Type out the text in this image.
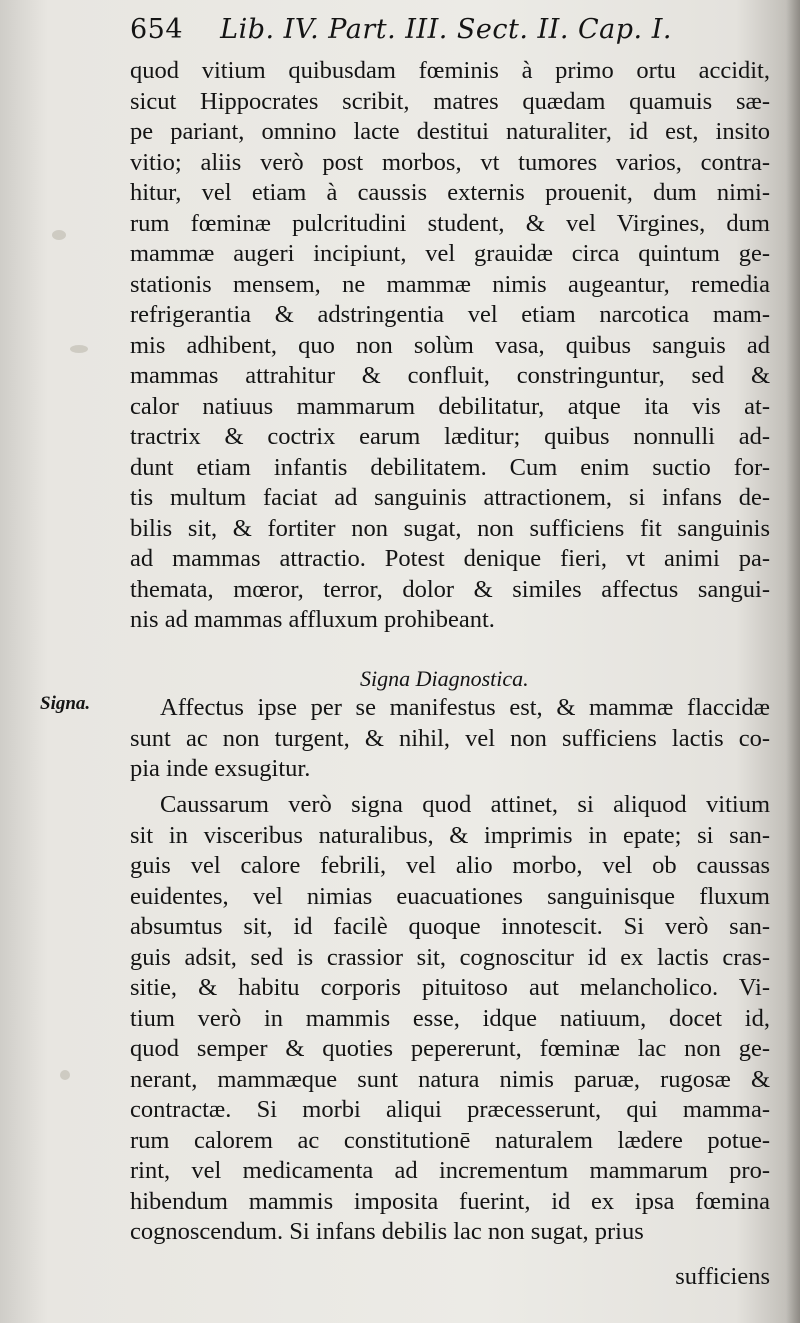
654 Lib. IV. Part. III. Sect. II. Cap. I.
Signa.
quod vitium quibusdam fœminis à primo ortu accidit,
sicut Hippocrates scribit, matres quædam quamuis sæ-
pe pariant, omnino lacte destitui naturaliter, id est, insito
vitio; aliis verò post morbos, vt tumores varios, contra-
hitur, vel etiam à caussis externis prouenit, dum nimi-
rum fœminæ pulcritudini student, & vel Virgines, dum
mammæ augeri incipiunt, vel grauidæ circa quintum ge-
stationis mensem, ne mammæ nimis augeantur, remedia
refrigerantia & adstringentia vel etiam narcotica mam-
mis adhibent, quo non solùm vasa, quibus sanguis ad
mammas attrahitur & confluit, constringuntur, sed &
calor natiuus mammarum debilitatur, atque ita vis at-
tractrix & coctrix earum læditur; quibus nonnulli ad-
dunt etiam infantis debilitatem. Cum enim suctio for-
tis multum faciat ad sanguinis attractionem, si infans de-
bilis sit, & fortiter non sugat, non sufficiens fit sanguinis
ad mammas attractio. Potest denique fieri, vt animi pa-
themata, mœror, terror, dolor & similes affectus sangui-
nis ad mammas affluxum prohibeant.
Signa Diagnostica.
Affectus ipse per se manifestus est, & mammæ flaccidæ
sunt ac non turgent, & nihil, vel non sufficiens lactis co-
pia inde exsugitur.
Caussarum verò signa quod attinet, si aliquod vitium
sit in visceribus naturalibus, & imprimis in epate; si san-
guis vel calore febrili, vel alio morbo, vel ob caussas
euidentes, vel nimias euacuationes sanguinisque fluxum
absumtus sit, id facilè quoque innotescit. Si verò san-
guis adsit, sed is crassior sit, cognoscitur id ex lactis cras-
sitie, & habitu corporis pituitoso aut melancholico. Vi-
tium verò in mammis esse, idque natiuum, docet id,
quod semper & quoties pepererunt, fœminæ lac non ge-
nerant, mammæque sunt natura nimis paruæ, rugosæ &
contractæ. Si morbi aliqui præcesserunt, qui mamma-
rum calorem ac constitutionē naturalem lædere potue-
rint, vel medicamenta ad incrementum mammarum pro-
hibendum mammis imposita fuerint, id ex ipsa fœmina
cognoscendum. Si infans debilis lac non sugat, prius
sufficiens
